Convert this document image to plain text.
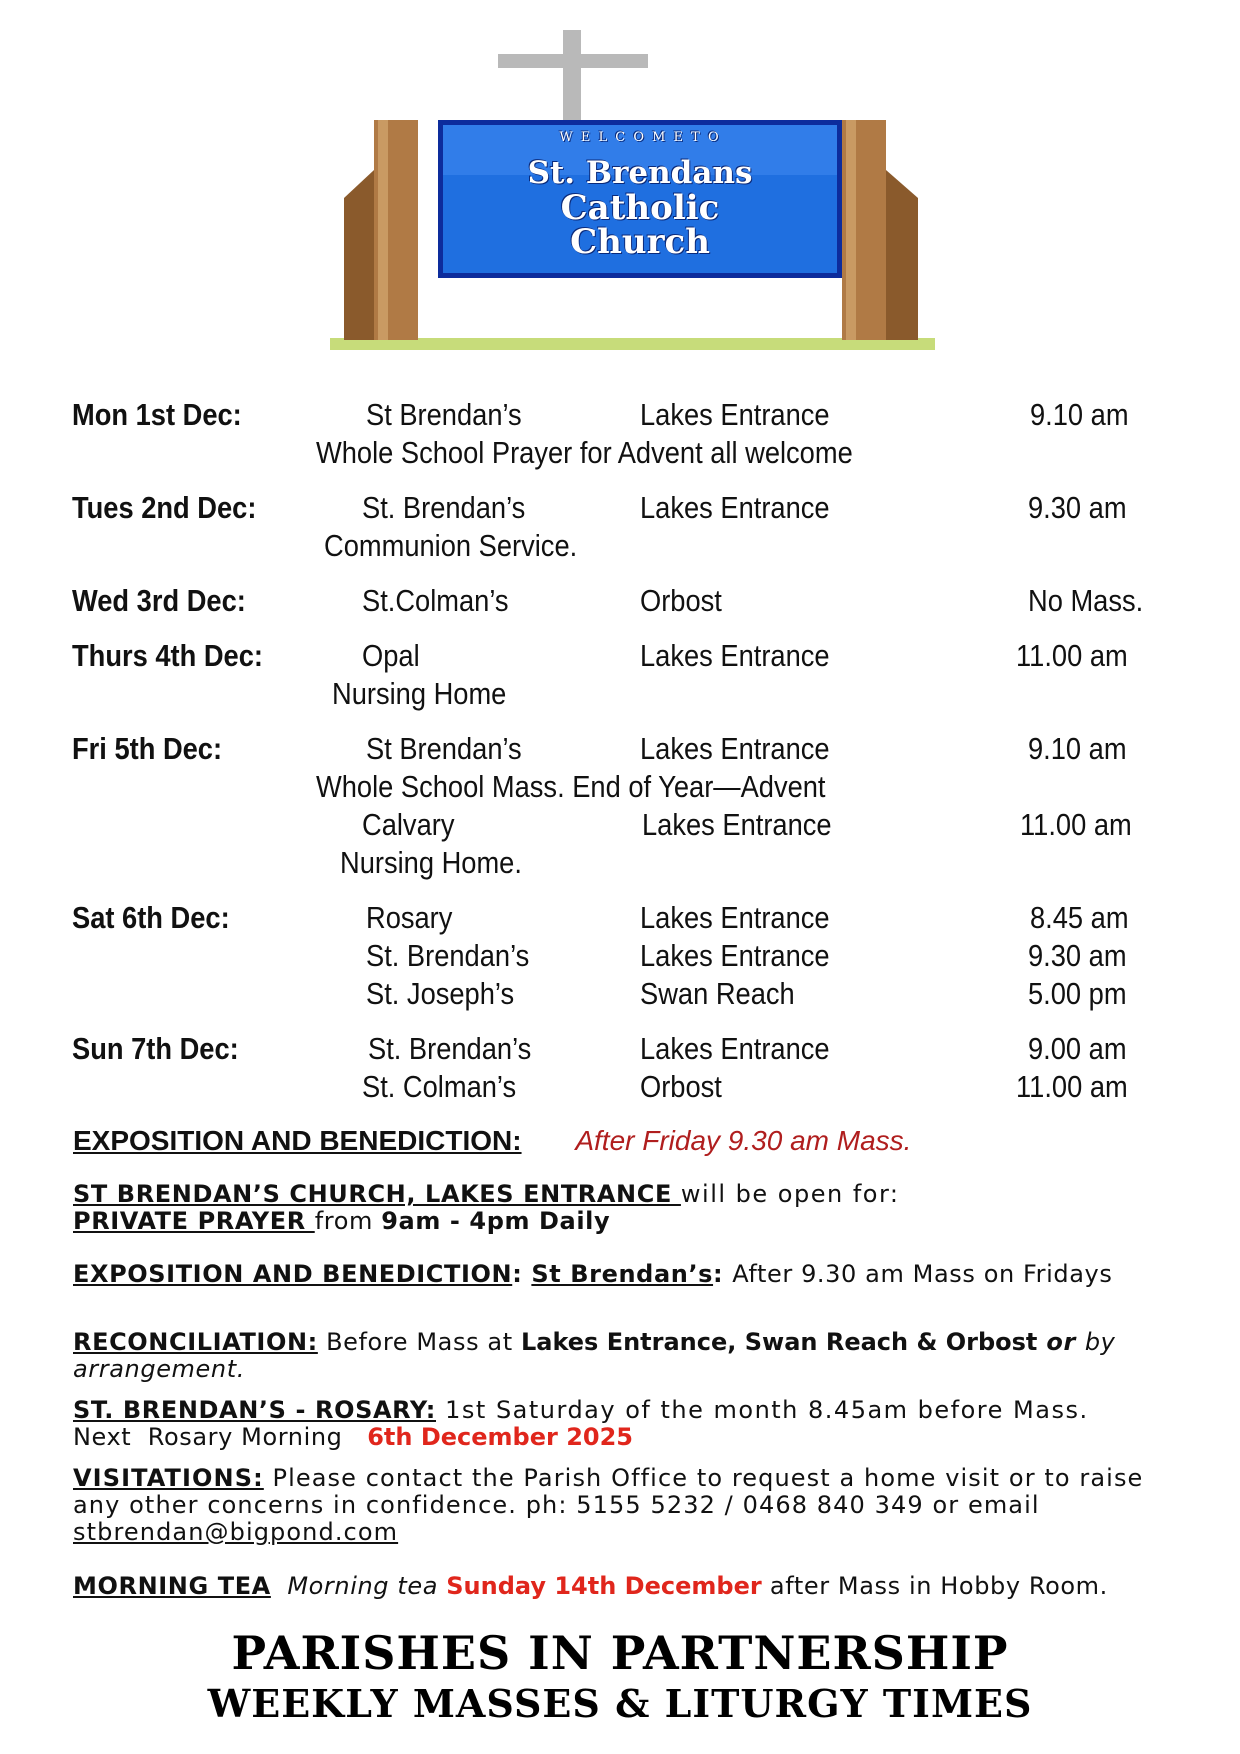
W E L C O M E T O
St. Brendans
Catholic
Church
Mon 1st Dec:	St Brendan’s	Lakes Entrance	9.10 am
Whole School Prayer for Advent all welcome
Tues 2nd Dec:	St. Brendan’s	Lakes Entrance	9.30 am
Communion Service.
Wed 3rd Dec:	St.Colman’s	Orbost	No Mass.
Thurs 4th Dec:	Opal	Lakes Entrance	11.00 am
Nursing Home
Fri 5th Dec:	St Brendan’s	Lakes Entrance	9.10 am
Whole School Mass. End of Year—Advent
Calvary	Lakes Entrance	11.00 am
Nursing Home.
Sat 6th Dec:	Rosary	Lakes Entrance	8.45 am
St. Brendan’s	Lakes Entrance	9.30 am
St. Joseph’s	Swan Reach	5.00 pm
Sun 7th Dec:	St. Brendan’s	Lakes Entrance	9.00 am
St. Colman’s	Orbost	11.00 am
EXPOSITION AND BENEDICTION: After Friday 9.30 am Mass.
ST BRENDAN’S CHURCH, LAKES ENTRANCE will be open for:
PRIVATE PRAYER from 9am - 4pm Daily
EXPOSITION AND BENEDICTION: St Brendan’s: After 9.30 am Mass on Fridays
RECONCILIATION: Before Mass at Lakes Entrance, Swan Reach & Orbost or by arrangement.
ST. BRENDAN’S - ROSARY: 1st Saturday of the month 8.45am before Mass.
Next  Rosary Morning   6th December 2025
VISITATIONS: Please contact the Parish Office to request a home visit or to raise any other concerns in confidence. ph: 5155 5232 / 0468 840 349 or email stbrendan@bigpond.com
MORNING TEA  Morning tea Sunday 14th December after Mass in Hobby Room.
PARISHES IN PARTNERSHIP
WEEKLY MASSES & LITURGY TIMES
